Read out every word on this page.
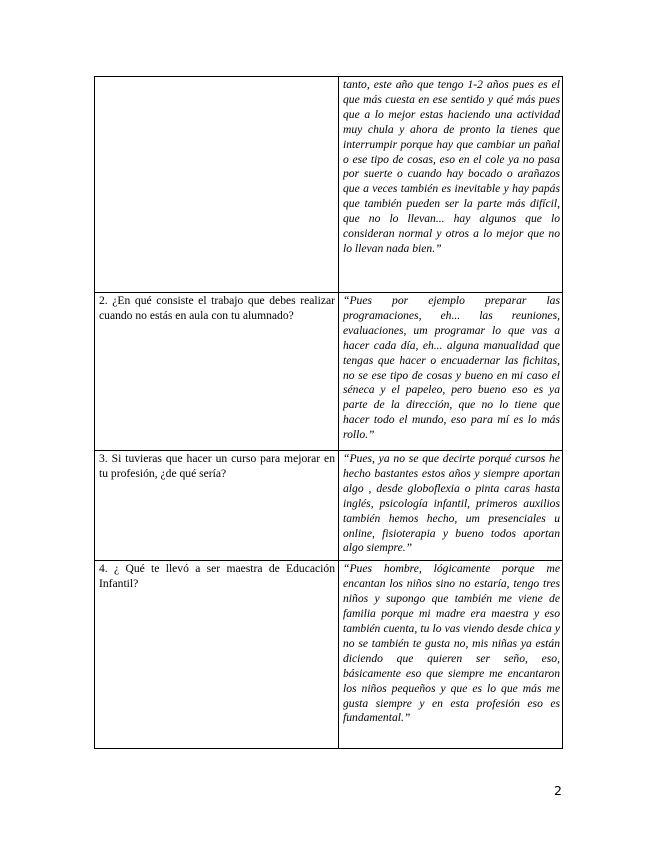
	tanto, este año que tengo 1-2 años pues es el que más cuesta en ese sentido y qué más pues que a lo mejor estas haciendo una actividad muy chula y ahora de pronto la tienes que interrumpir porque hay que cambiar un pañal o ese tipo de cosas, eso en el cole ya no pasa por suerte o cuando hay bocado o arañazos que a veces también es inevitable y hay papás que también pueden ser la parte más difícil, que no lo llevan... hay algunos que lo consideran normal y otros a lo mejor que no lo llevan nada bien.”
2. ¿En qué consiste el trabajo que debes realizar cuando no estás en aula con tu alumnado?	“Pues por ejemplo preparar las programaciones, eh... las reuniones, evaluaciones, um programar lo que vas a hacer cada día, eh... alguna manualidad que tengas que hacer o encuadernar las fichitas, no se ese tipo de cosas y bueno en mi caso el séneca y el papeleo, pero bueno eso es ya parte de la dirección, que no lo tiene que hacer todo el mundo, eso para mí es lo más rollo.”
3. Si tuvieras que hacer un curso para mejorar en tu profesión, ¿de qué sería?	“Pues, ya no se que decirte porqué cursos he hecho bastantes estos años y siempre aportan algo , desde globoflexia o pinta caras hasta inglés, psicología infantil, primeros auxilios también hemos hecho, um presenciales u online, fisioterapia y bueno todos aportan algo siempre.”
4. ¿ Qué te llevó a ser maestra de Educación Infantil?	“Pues hombre, lógicamente porque me encantan los niños sino no estaría, tengo tres niños y supongo que también me viene de familia porque mi madre era maestra y eso también cuenta, tu lo vas viendo desde chica y no se también te gusta no, mis niñas ya están diciendo que quieren ser seño, eso, básicamente eso que siempre me encantaron los niños pequeños y que es lo que más me gusta siempre y en esta profesión eso es fundamental.”
2
